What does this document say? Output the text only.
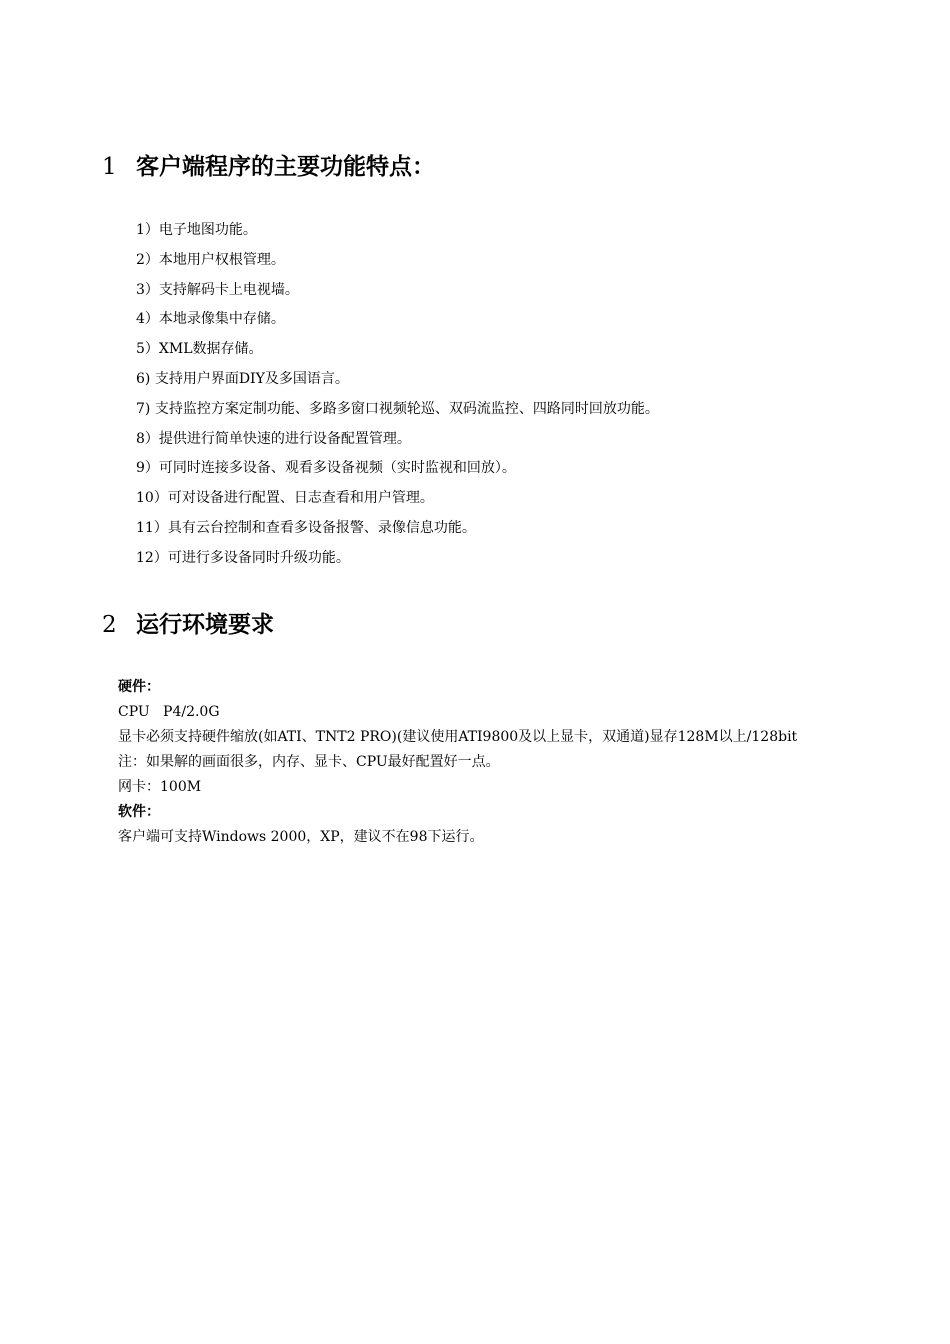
1 客户端程序的主要功能特点：
1）电子地图功能。
2）本地用户权根管理。
3）支持解码卡上电视墙。
4）本地录像集中存储。
5）XML数据存储。
6) 支持用户界面DIY及多国语言。
7) 支持监控方案定制功能、多路多窗口视频轮巡、双码流监控、四路同时回放功能。
8）提供进行简单快速的进行设备配置管理。
9）可同时连接多设备、观看多设备视频（实时监视和回放）。
10）可对设备进行配置、日志查看和用户管理。
11）具有云台控制和查看多设备报警、录像信息功能。
12）可进行多设备同时升级功能。
2 运行环境要求

硬件：

CPU   P4/2.0G

显卡必须支持硬件缩放(如ATI、TNT2 PRO)(建议使用ATI9800及以上显卡，双通道)显存128M以上/128bit

注：如果解的画面很多，内存、显卡、CPU最好配置好一点。

网卡：100M

软件：

客户端可支持Windows 2000，XP，建议不在98下运行。
